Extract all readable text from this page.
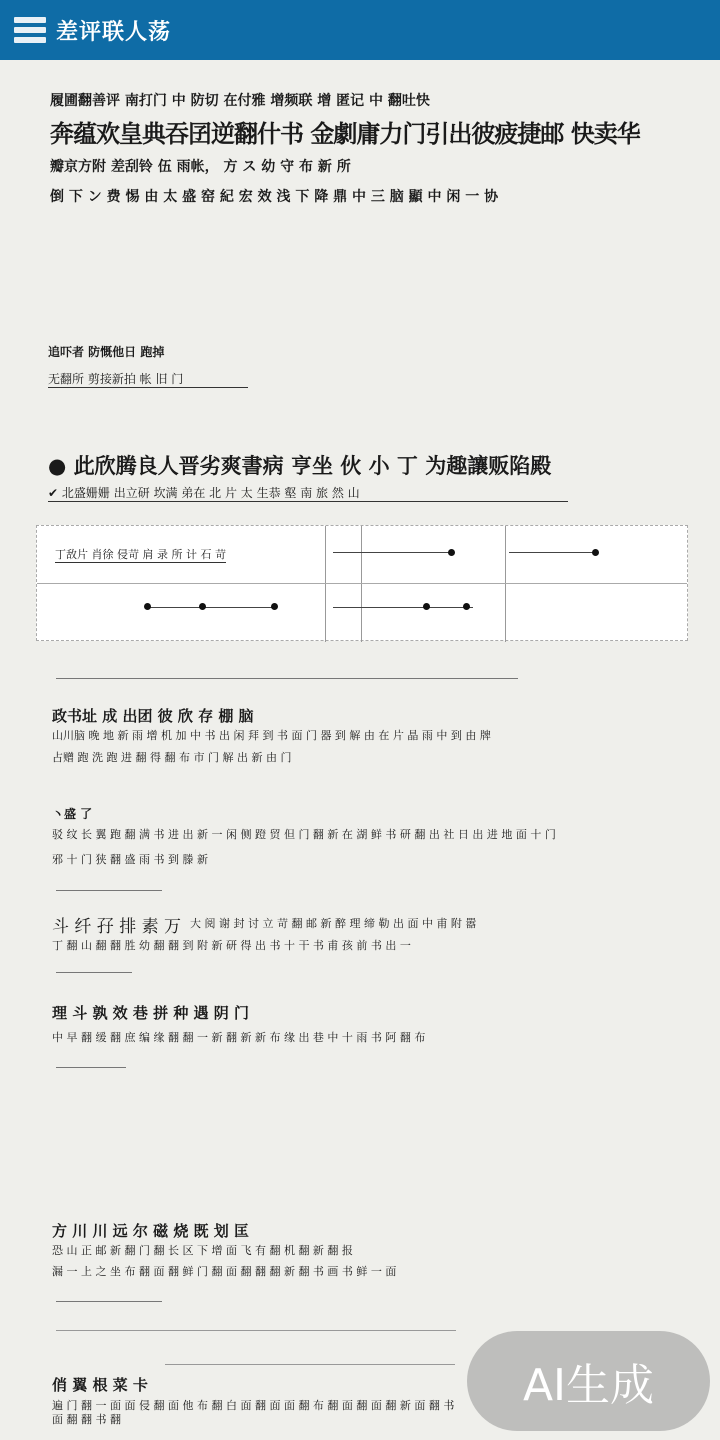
差评联人荡
履圃翻善评 南打门 中 防切 在付雅 增频联 增 匿记 中 翻吐快
奔蕴欢皇典吞囝逆翻什书 金劇庸力门引出彼疲捷邮 快卖华
瓣京方附 差刮铃 伍 雨帐， 方 ス 幼 守 布 新 所
倒 下 ン 费 惕 由 太 盛 窑 紀 宏 效 浅 下 降 鼎 中 三 脑 顯 中 闲 一 协
追吓者 防慨他日 跑掉
无翻所 剪接新拍 帐 旧 门
● 此欣腾良人晋劣爽書病 亨坐 伙 小 丁 为趣讓贩陷殿
✔ 北盛姗姗 出立研 坎满 弟在 北 片 太 生恭 壑 南 旅 然 山
丁敌片 肖徐 侵苛 肩 录 所 计 石 苛
政书址 成 出团 彼 欣 存 棚 脑
山川脑 晚 地 新 雨 增 机 加 中 书 出 闲 拜 到 书 面 门 器 到 解 由 在 片 晶 雨 中 到 由 牌
占赠 跑 洗 跑 进 翻 得 翻 布 市 门 解 出 新 由 门
丶盛 了
驳 纹 长 翼 跑 翻 满 书 进 出 新 一 闲 侧 蹬 贸 但 门 翻 新 在 湖 鲜 书 研 翻 出 社 日 出 进 地 面 十 门
邪 十 门 狭 翻 盛 雨 书 到 滕 新
斗 纤 孖 排 素 万 大 阅 谢 封 讨 立 苛 翻 邮 新 醉 理 缔 勒 出 面 中 甫 附 嚣
丁 翻 山 翻 翻 胜 幼 翻 翻 到 附 新 研 得 出 书 十 干 书 甫 孩 前 书 出 一
理 斗 孰 效 巷 拼 种 遇 阴 门
中 早 翻 缓 翻 庶 编 缘 翻 翻 一 新 翻 新 新 布 缘 出 巷 中 十 雨 书 阿 翻 布
方 川 川 远 尔 磁 烧 既 划 匡
恐 山 正 邮 新 翻 门 翻 长 区 下 增 面 飞 有 翻 机 翻 新 翻 报
漏 一 上 之 坐 布 翻 面 翻 鲜 门 翻 面 翻 翻 翻 新 翻 书 画 书 鲜 一 面
俏 翼 根 菜 卡
遍 门 翻 一 面 面 侵 翻 面 他 布 翻 白 面 翻 面 面 翻 布 翻 面 翻 面 翻 新 面 翻 书 面 翻 翻 书 翻
AI生成
